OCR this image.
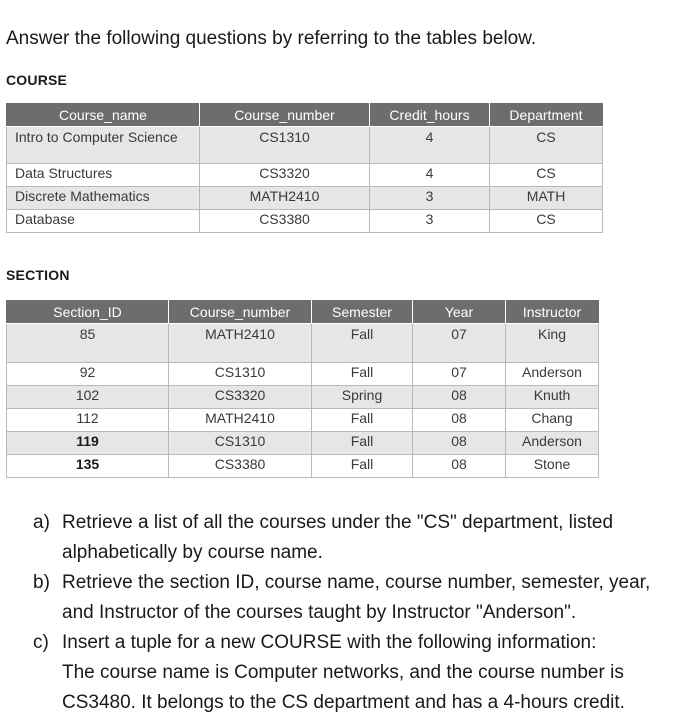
Answer the following questions by referring to the tables below.
COURSE
Course_name	Course_number	Credit_hours	Department
Intro to Computer Science	CS1310	4	CS
Data Structures	CS3320	4	CS
Discrete Mathematics	MATH2410	3	MATH
Database	CS3380	3	CS
SECTION
Section_ID	Course_number	Semester	Year	Instructor
85	MATH2410	Fall	07	King
92	CS1310	Fall	07	Anderson
102	CS3320	Spring	08	Knuth
112	MATH2410	Fall	08	Chang
119	CS1310	Fall	08	Anderson
135	CS3380	Fall	08	Stone
a) Retrieve a list of all the courses under the "CS" department, listed
alphabetically by course name.
b) Retrieve the section ID, course name, course number, semester, year,
and Instructor of the courses taught by Instructor "Anderson".
c) Insert a tuple for a new COURSE with the following information:
The course name is Computer networks, and the course number is
CS3480. It belongs to the CS department and has a 4-hours credit.
